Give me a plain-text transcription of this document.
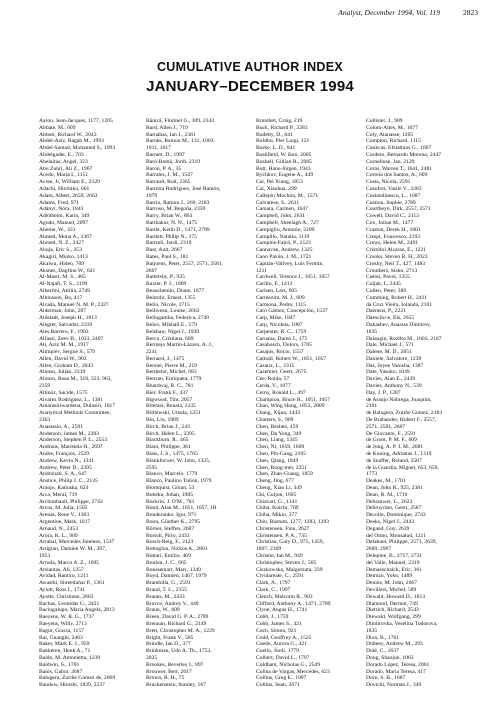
Analyst, December 1994, Vol. 119	2823
CUMULATIVE AUTHOR INDEX
JANUARY–DECEMBER 1994
Aaron, Jean-Jacques, 1177, 1205
Abbate, M., 609
Abbott, Richard W., 2043
Abdel-Aziz, Ragab M., 1993
Abdel-Samad, Mohamed S., 1993
Abdelgader, E., 703
Abelairas, Angel, 323
Abu Zuhri, Ali Z., 1967
Acedo, Maria I., 1151
Acree, Jr, William E., 2129
Adachi, Hirohiko, 601
Adam, Albert, 2659, 2663
Adams, Fred, 971
Adányi, Nóra, 1843
Adeltheim, Karin, 349
Agudo, Manuel, 2097
Aherne, W., 431
Ahmed, Mona A., 1367
Ahmed, N. Z., 2427
Ahuja, Eric S., 353
Akagiri, Mioko, 1413
Akaiwa, Hideo, 709
Aksnes, Dagfinn W., 641
Al-Masri, M. S., 465
Al-Najafi, T. S., 2199
Albertini, Attilia, 2749
Albinsson, Bo, 417
Alcada, Manuel N. M. P., 2327
Alderman, John, 287
Aldstadt, Joseph H., 1813
Alegret, Salvador, 2319
Ales Barrero, F., 1903
Alfassi, Zeev B., 1033, 2407
Ali, Aziz M. M., 1917
Alimpiev, Sergue S., 579
Allen, David W., 903
Allen, Graham D., 2043
Alonso, Julián, 2319
Alonso, Rosa M., 319, 323, 963,
2359
Altinöz, Sacide, 1575
Alvarez Rodríguez, L., 1381
Amarasiriwardena, Dulasiri, 1017
Analytical Methods Committee,
2363
Anastasio, A., 2591
Anderson, James M., 2283
Anderson, Stephen P. L., 2553
Andraus, Maristela H., 2697
Andre, François, 2529
Andrew, Kevin N., 1341
Andrew, Peter D., 2395
Andronati, S. A., 647
Anstice, Philip J. C., 2135
Araujo, Katiuska, 623
Arca, Meral, 719
Archimbault, Philippe, 2743
Arcos, M. Julia, 1505
Arenas, Rene V., 1303
Argentine, Mark, 1017
Arnaud, N., 2453
Arora, K. L., 909
Arrabal, Mercedes Jiménez, 1537
Artigran, Damien W. M., 287,
1953
Arruda, Marco A. Z., 1695
Arslantas, Ali, 1257
Avidad, Ramiro, 1211
Awasthi, Shreeduhar P., 1361
Aylott, Ross I., 1741
Ayotte, Christiane, 2663
Bachas, Leonidas G., 2421
Baciugalupo, Maria Angela, 2813
Baeyens, W. R. G., 1737
Baeyens, Willy, 2713
Bagur, Gracia, 1157
Bai, Guanghi, 2463
Baker, Mark E. J., 959
Bakkeren, Henk A., 71
Baldo, M. Antonietta, 1239
Baldwin, S., 1701
Balós, Gabor, 2687
Balugera, Zuriñe Gomez de, 2669
Bandow, Hiroshi, 1829, 2237
Bănică, Florinel G., 309, 2343
Bard, Allen J., 719
Barnabas, Ian J., 2381
Barnes, Ramon M., 131, 1003,
1011, 1017
Barnett, D., 1997
Baró-Romà, Jordi, 2319
Baron, P. A., 35
Barrales, J. M., 1547
Barrault, Rod, 2365
Barreira Rodríguez, José Ramón,
1979
Barrio, Ramon J., 269, 2183
Barroso, M. Begoña, 2359
Barry, Brian W., 863
Barthakur, N. N., 1475
Bartle, Keith D., 1471, 2789
Bartlett, Philip N., 175
Bartroli, Jordi, 2319
Bast, Ault, 2667
Bates, Paul S., 181
Batjoens, Peter, 2557, 2571, 2581,
2607
Battersby, P., 925
Baxter, P. J., 1809
Beauchemin, Diane, 1677
Beitrohr, Ernest, 1355
Belin, Nicole, 1715
Belliveau, Louise, 2663
Bellugamba, Federica, 2749
Belov, Mikhail E., 579
Belshaw, Nigel J., 1939
Bercu, Cristiana, 689
Bermejo Martín-Lázaro, A. J.,
2241
Bernard, J., 1475
Bersier, Pierre M., 219
Berthelot, Michel, 683
Bertran, Enriqueta, 1779
Bhardwaj, R. C., 781
Bier, Frank F., 437
Bigwood, Tim, 2057
Biletzer, Renata, 1235
Biltiewski, Ursula, 1251
Bin, Liu, 1909
Birch, Brian J., 243
Birch, Helen L., 2395
Blackburn, R., 465
Blain, Philippe, 361
Blais, J. S., 1475, 1765
Blankforwer, W. John, 1325,
2595
Blanco, Marcelo, 1779
Blanco, Paulino Tuñon, 1979
Blomquist, Göran, 53
Bobeka, Johan, 1985
Bockrin, J. O'M., 781
Bond, Alan M., 1051, 1057, 1R
Bonderanko, Igor, 971
Boon, Günther K., 2795
Börner, Steffen, 2687
Bortoli, Pirlo, 2433
Bosch-Reig, F., 2123
Bottoglou, Nickos A., 2801
Bottari, Emilio, 469
Boulou, J. C., 665
Boussemart, Marc, 1349
Boyd, Damien, 1467, 1979
Bramhilla, G., 2591
Brand, T. L., 2155
Branes, M., 2433
Bravov, Andrey V., 449
Braun, W., 609
Breen, David G. P. A., 2789
Brennan, Richard G., 2149
Brett, Christopher M. A., 1229
Bright, Frank V., 505
Brindle, Ian D., 377
Brinkman, Udo A. Th., 1753,
2025
Brookes, Beverley I., 897
Brouwer, Bert, 2617
Brown, R. H., 75
Bruckenstein, Stanley, 167
Bruntlett, Craig, 219
Buck, Richard P., 2283
Budetty, D., 841
Buldini, Pier Luigi, 121
Burke, L. D., 841
Bushfield, W. Ken, 2005
Bushell, Gillian R., 2005
Butt, Hans-Jürgen, 1943
Bychkov, Eugene A., 449
Cai, Pei Xiang, 1853
Cai, Xiaohua, 299
Callejón Mochón, M., 1571
Calvarese, S., 2611
Camara, Carmen, 1647
Campbell, John, 2631
Campbell, Sheelagh A., 727
Campiglio, Antonio, 2209
Campillo, Natalia, 1119
Campins-Falcó, P., 2123
Cannavan, Andrew, 1325
Cano Pavón, J. M., 1721
Capitán-Vallvey, Luis Fermín,
1211
Cardwell, Terence J., 1051, 1057
Carillo, F., 1413
Carlsen, Lars, 605
Carmezim, M. J., 609
Carmona, Pedro, 1115
Caro Gámez, Concepción, 1537
Carp, Mike, 1847
Carp, Nicoleta, 1087
Carpenter, R. C., 1759
Caruana, Daren J., 175
Casabosch, Dolors, 1705
Casajús, Rocio, 1557
Cattrall, Robert W., 1051, 1057
Cazaux, L., 2315
Cazemier, Geert, 2675
Cee, Rolda, 57
Cerda, V., 1077
Cerny, Ronald L., 497
Champion, Bruce R., 1051, 1057
Chan, Wing Hong, 1853, 2809
Chang, Xijun, 1443
Charters, S., 909
Chen, Beshen, 459
Chen, Da Yong, 349
Chen, Liang, 1345
Chen, Ni, 1659, 1669
Chen, Pin-Gang, 2105
Chen, Qiang, 1849
Chen, Rong-mei, 2251
Chen, Zhan-Guang, 1859
Cheng, Jing, 677
Cheng, Xiao Li, 349
Chi, Guijun, 1605
Chiavari, G., 1141
Chiba, Koichi, 709
Chiba, Mikio, 377
Chin, Rustum, 1277, 1283, 1293
Christensen, Finn, 2627
Christensen, P. A., 735
Christian, Gary D., 975, 1459,
1807, 2309
Christie, Ian M., 949
Christopher, Steven J., 505
Ciszkowska, Malgorzata, 239
Cividareale, C., 2591
Clark, A., 1797
Clark, C., 1997
Clench, Malcolm R., 903
Clifford, Anthony A., 1471, 2789
Clyne, Angus H., 1741
Cobb, J., 1759
Cobb, James S., 421
Coch, Simon, 921
Codd, Geoffrey A., 1525
Coedo, Aurora G., 421
Coello, Jordi, 1779
Colbert, David L., 1797
Coldham, Nicholas G., 2549
Colina de Vargas, Mercedes, 623
Collins, Greg E., 1907
Collins, Sean, 2671
Collister, J., 909
Colom-Altés, M., 1077
Coly, Atanasse, 1205
Compton, Richard, 1115
Cookcas, Efstathios G., 1607
Cordero, Bernardo Moreno, 2447
Corneliuse, Jan, 2129
Corns, Warren T., 1641, 2481
Correia dos Santos, A., 609
Costa, Nicola, 2591
Cosofret, Vasile V., 2283
Costandinescu, L., 1687
Costiou, Sophie, 2789
Courtheyn, Dirk, 2557, 2571
Cowell, David C., 2113
Cox, Julian M., 1477
Craston, Derek H., 1801
Crespi, Francesco, 2193
Crews, Helen M., 2491
Cristófol Alcaraz, E., 1221
Crooks, Steven R. H., 2023
Crosby, Neil T., 427, 1483
Crouthers, Sisko, 2713
Csémi, Pavol, 1355
Culjak, I., 2445
Cullen, Peter, 389
Cumming, Robert H., 2411
da Cruz Vieira, Iolanda, 2101
Daenens, P., 2221
Daesclicce, Els, 2655
Dakashev, Anastas Dimitrov,
1835
Dalangin, Rozllto M., 1603, 2187
Dale, Michael J., 571
Dalene, M. D., 2051
Daniele, Salvatore, 1239
Das, Joyee Vanisha, 1387
Date, Yasuko, 1049
Davies, Alan E., 2439
Davies, Anthony N., 539
Day, J. P., 1287
de Araújo Nóbrega, Joaquim,
2101
de Balugera, Zuriñe Gomez, 2183
De Brabander, Hubert F., 2557,
2571, 2581, 2607
De Giovanni, F., 2591
de Groot, P. M. F., 609
de Jong, A. P. J. M., 2681
de Koning, Adrianus J., 1319
de Snaffer, Roland, 2587
de la Guardia, Miguel, 653, 659,
1773
Deakes, M., 1701
Dean, John R., 925, 2381
Dean, R. M., 1719
Debrauwer, L., 2623
Debruycker, Geert, 2587
Decolin, Dominique, 2743
Deeks, Nigel J., 2443
Degand, Guy, 2639
del Olmo, Monsalud, 1211
Delahaut, Philippe, 2571, 2639,
2669, 2967
Delepine, B., 2717, 2731
del Valle, Manuel, 2319
Demaeschalck, Eric, 361
Demizu, Yoko, 1489
Dennis, M. John, 2667
Devillers, Michel, 589
Dewald, Howard D., 1813
Diamond, Dermot, 749
Dietrich, Richard, 2543
Diewald, Wolfgang, 299
Dimitrovka, Veselina Todorova,
1835
Dion, B., 1761
Dobney, Andrew M., 293
Dolé, C., 1637
Dong, Shaojun, 1063
Dorado López, Teresa, 2061
Dorado, Maria Teresa, 417
Dorn, S. B., 1687
Dovichi, Norman J., 349
